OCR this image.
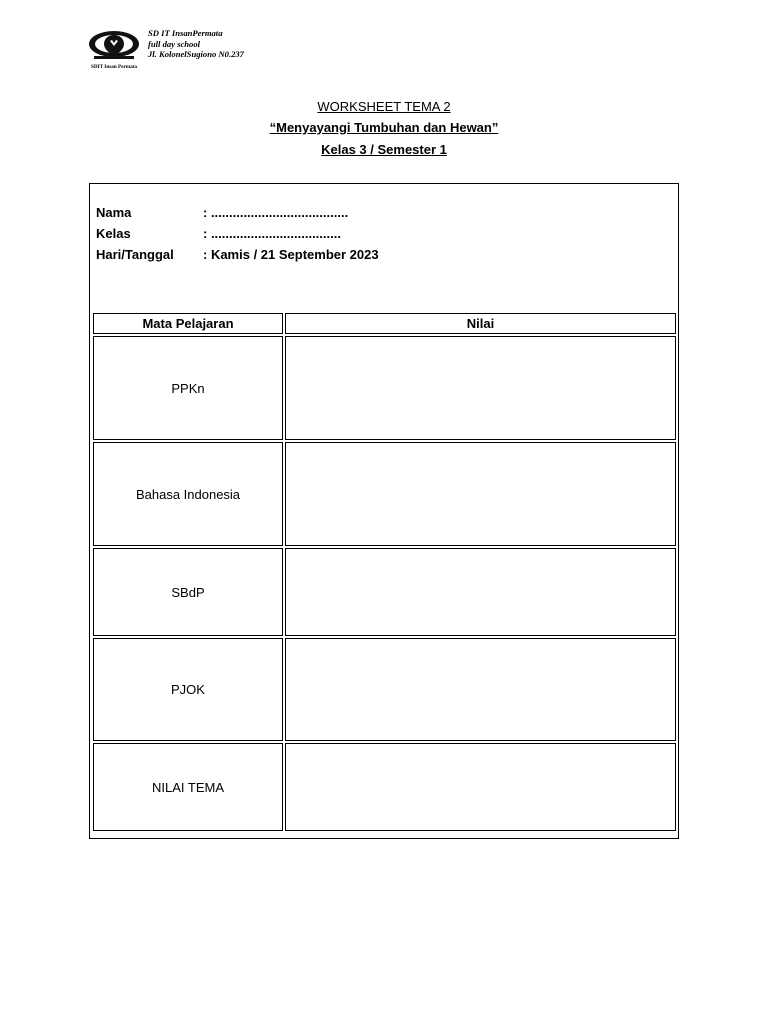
SDIT Insan Permata
SD IT InsanPermata
full day school
Jl. KolonelSugiono N0.237
WORKSHEET TEMA 2
“Menyayangi Tumbuhan dan Hewan”
Kelas 3 / Semester 1
Nama	: ......................................
Kelas	: ....................................
Hari/Tanggal : Kamis / 21 September 2023
Mata Pelajaran	Nilai
PPKn	
Bahasa Indonesia	
SBdP	
PJOK	
NILAI TEMA	
